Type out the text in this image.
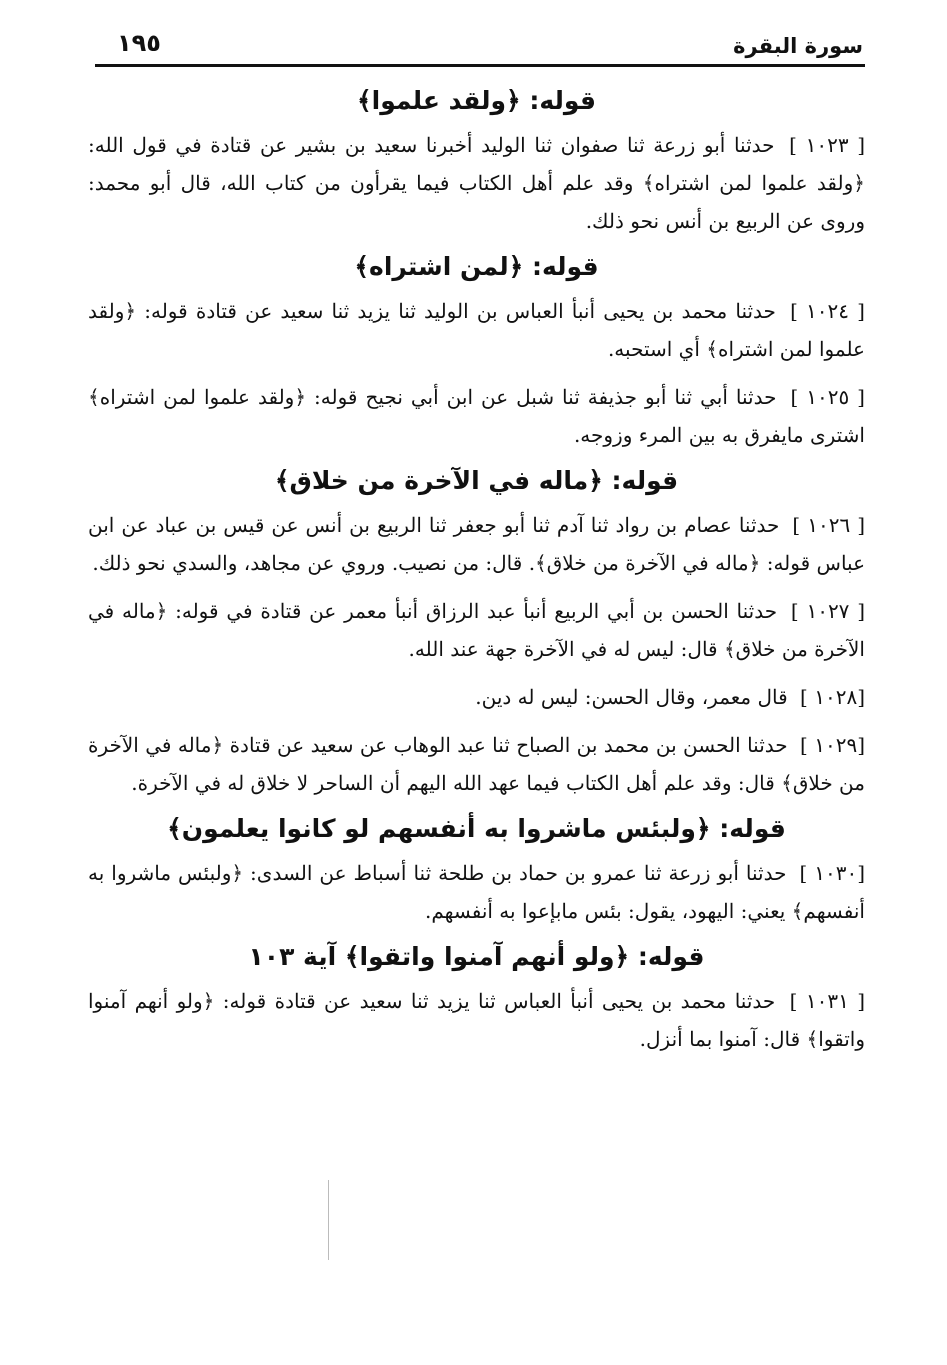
سورة البقرة
١٩٥
قوله: ﴿ولقد علموا﴾

[ ١٠٢٣ ] حدثنا أبو زرعة ثنا صفوان ثنا الوليد أخبرنا سعيد بن بشير عن قتادة في قول الله: ﴿ولقد علموا لمن اشتراه﴾ وقد علم أهل الكتاب فيما يقرأون من كتاب الله، قال أبو محمد: وروى عن الربيع بن أنس نحو ذلك.

قوله: ﴿لمن اشتراه﴾

[ ١٠٢٤ ] حدثنا محمد بن يحيى أنبأ العباس بن الوليد ثنا يزيد ثنا سعيد عن قتادة قوله: ﴿ولقد علموا لمن اشتراه﴾ أي استحبه.

[ ١٠٢٥ ] حدثنا أبي ثنا أبو جذيفة ثنا شبل عن ابن أبي نجيح قوله: ﴿ولقد علموا لمن اشتراه﴾ اشترى مايفرق به بين المرء وزوجه.

قوله: ﴿ماله في الآخرة من خلاق﴾

[ ١٠٢٦ ] حدثنا عصام بن رواد ثنا آدم ثنا أبو جعفر ثنا الربيع بن أنس عن قيس بن عباد عن ابن عباس قوله: ﴿ماله في الآخرة من خلاق﴾. قال: من نصيب. وروي عن مجاهد، والسدي نحو ذلك.

[ ١٠٢٧ ] حدثنا الحسن بن أبي الربيع أنبأ عبد الرزاق أنبأ معمر عن قتادة في قوله: ﴿ماله في الآخرة من خلاق﴾ قال: ليس له في الآخرة جهة عند الله.

[١٠٢٨ ] قال معمر، وقال الحسن: ليس له دين.

[١٠٢٩ ] حدثنا الحسن بن محمد بن الصباح ثنا عبد الوهاب عن سعيد عن قتادة ﴿ماله في الآخرة من خلاق﴾ قال: وقد علم أهل الكتاب فيما عهد الله اليهم أن الساحر لا خلاق له في الآخرة.

قوله: ﴿ولبئس ماشروا به أنفسهم لو كانوا يعلمون﴾

[١٠٣٠ ] حدثنا أبو زرعة ثنا عمرو بن حماد بن طلحة ثنا أسباط عن السدى: ﴿ولبئس ماشروا به أنفسهم﴾ يعني: اليهود، يقول: بئس مابإعوا به أنفسهم.

قوله: ﴿ولو أنهم آمنوا واتقوا﴾ آية ١٠٣

[ ١٠٣١ ] حدثنا محمد بن يحيى أنبأ العباس ثنا يزيد ثنا سعيد عن قتادة قوله: ﴿ولو أنهم آمنوا واتقوا﴾ قال: آمنوا بما أنزل.
